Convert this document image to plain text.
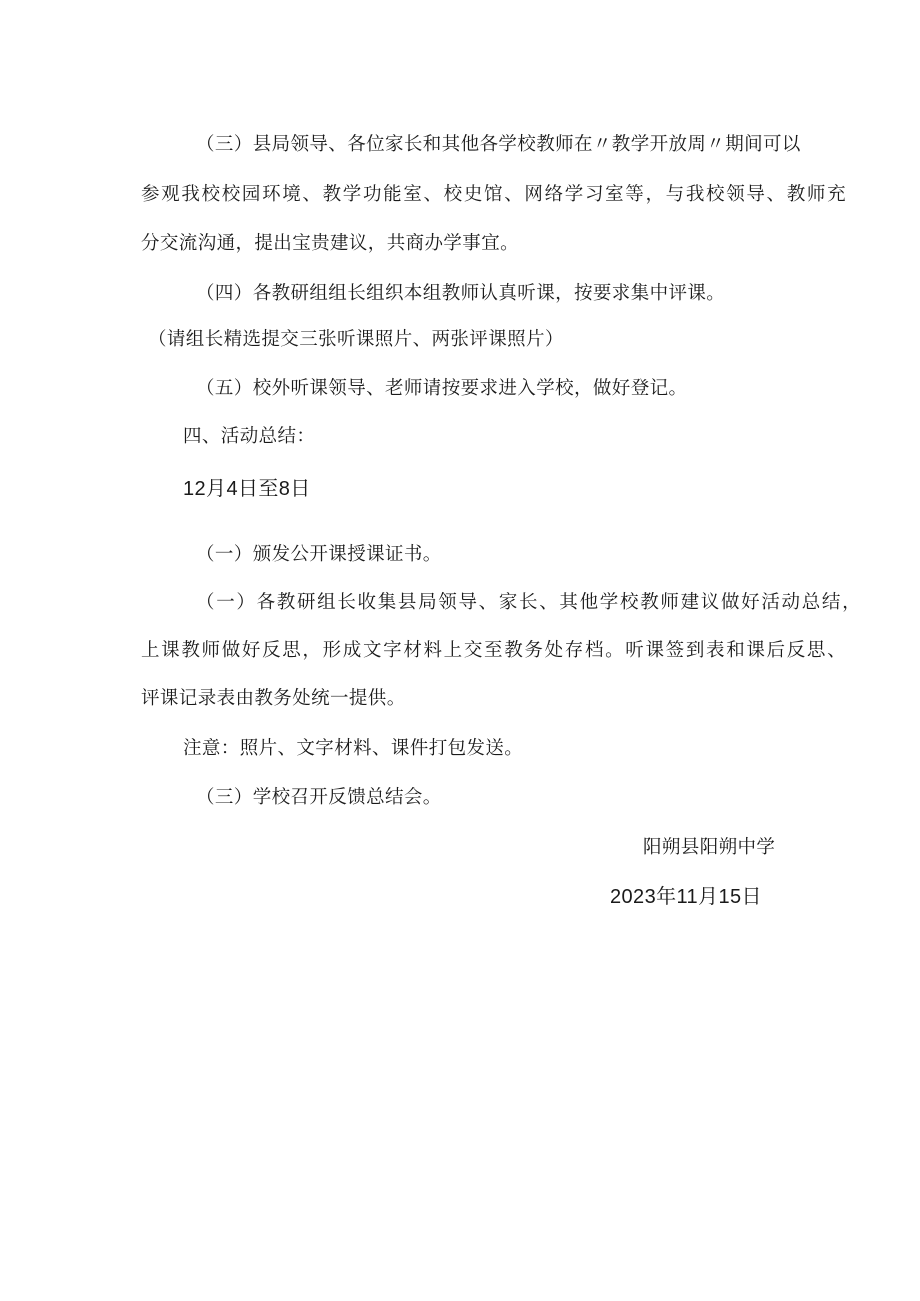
（三）县局领导、各位家长和其他各学校教师在〃教学开放周〃期间可以
参观我校校园环境、教学功能室、校史馆、网络学习室等，与我校领导、教师充
分交流沟通，提出宝贵建议，共商办学事宜。
（四）各教研组组长组织本组教师认真听课，按要求集中评课。
（请组长精选提交三张听课照片、两张评课照片）
（五）校外听课领导、老师请按要求进入学校，做好登记。
四、活动总结：
12月4日至8日
（一）颁发公开课授课证书。
（一）各教研组长收集县局领导、家长、其他学校教师建议做好活动总结，
上课教师做好反思，形成文字材料上交至教务处存档。听课签到表和课后反思、
评课记录表由教务处统一提供。
注意：照片、文字材料、课件打包发送。
（三）学校召开反馈总结会。
阳朔县阳朔中学
2023年11月15日
